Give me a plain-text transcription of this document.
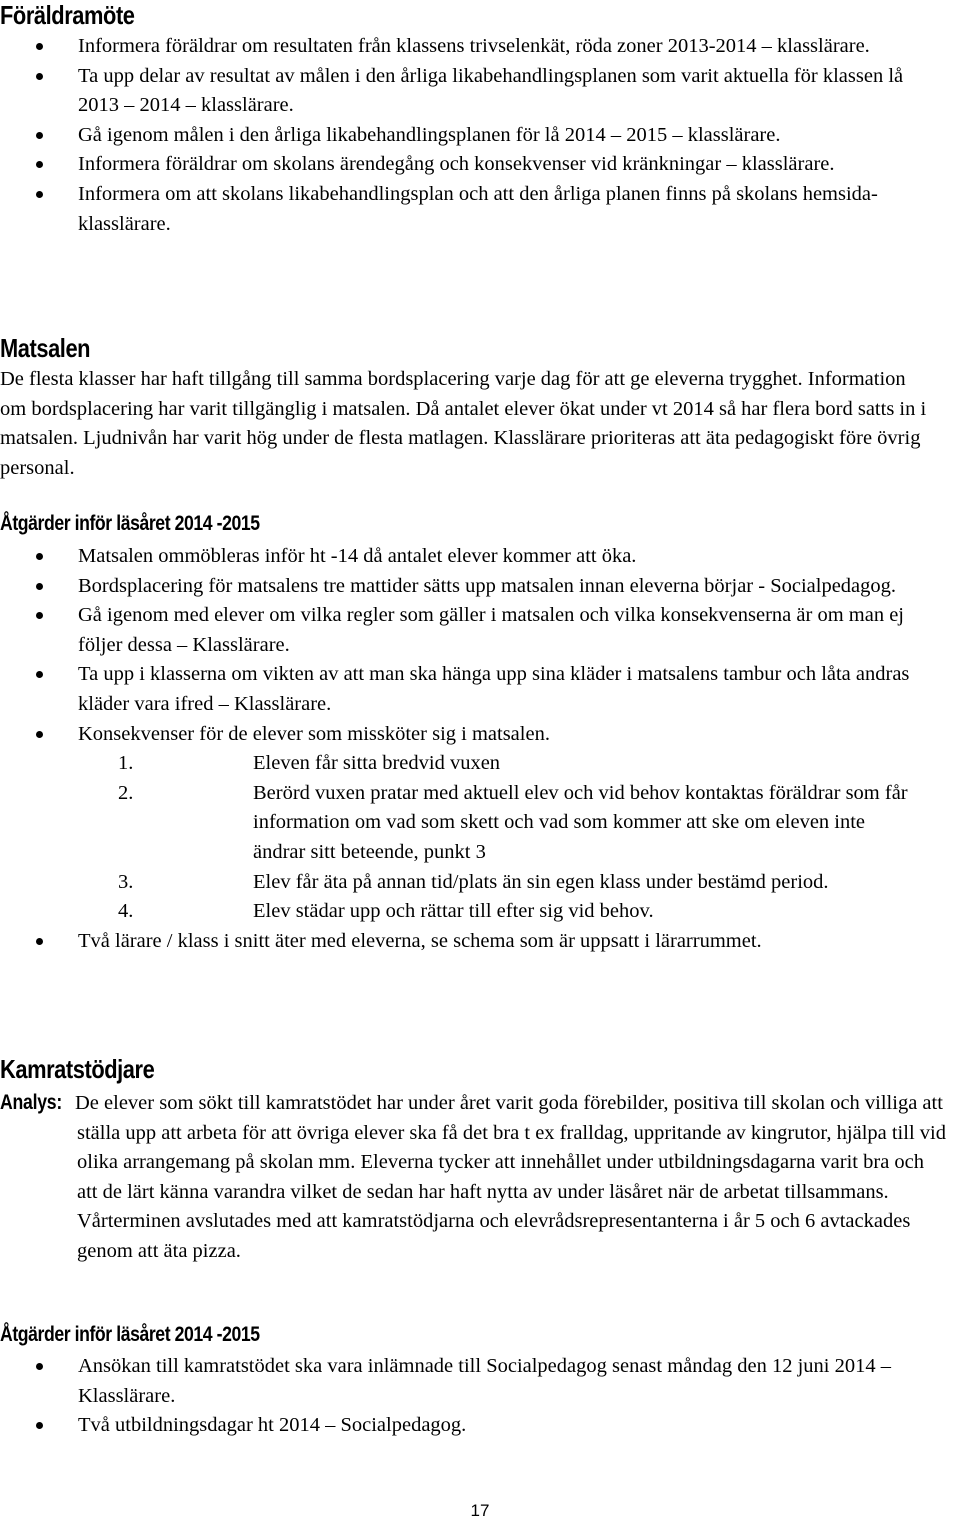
Föräldramöte
Informera föräldrar om resultaten från klassens trivselenkät, röda zoner 2013-2014 – klasslärare.
Ta upp delar av resultat av målen i den årliga likabehandlingsplanen som varit aktuella för klassen lå 2013 – 2014 – klasslärare.
Gå igenom målen i den årliga likabehandlingsplanen för lå 2014 – 2015 – klasslärare.
Informera föräldrar om skolans ärendegång och konsekvenser vid kränkningar – klasslärare.
Informera om att skolans likabehandlingsplan och att den årliga planen finns på skolans hemsida- klasslärare.
Matsalen

De flesta klasser har haft tillgång till samma bordsplacering varje dag för att ge eleverna trygghet. Information om bordsplacering har varit tillgänglig i matsalen. Då antalet elever ökat under vt 2014 så har flera bord satts in i matsalen. Ljudnivån har varit hög under de flesta matlagen. Klasslärare prioriteras att äta pedagogiskt före övrig personal.

Åtgärder inför läsåret 2014 -2015
Matsalen ommöbleras inför ht -14 då antalet elever kommer att öka.
Bordsplacering för matsalens tre mattider sätts upp matsalen innan eleverna börjar - Socialpedagog.
Gå igenom med elever om vilka regler som gäller i matsalen och vilka konsekvenserna är om man ej följer dessa – Klasslärare.
Ta upp i klasserna om vikten av att man ska hänga upp sina kläder i matsalens tambur och låta andras kläder vara ifred – Klasslärare.
Konsekvenser för de elever som missköter sig i matsalen.
1.	Eleven får sitta bredvid vuxen
2.	Berörd vuxen pratar med aktuell elev och vid behov kontaktas föräldrar som får information om vad som skett och vad som kommer att ske om eleven inte ändrar sitt beteende, punkt 3
3.	Elev får äta på annan tid/plats än sin egen klass under bestämd period.
4.	Elev städar upp och rättar till efter sig vid behov.
Två lärare / klass i snitt äter med eleverna, se schema som är uppsatt i lärarrummet.
Kamratstödjare

Analys: De elever som sökt till kamratstödet har under året varit goda förebilder, positiva till skolan och villiga att ställa upp att arbeta för att övriga elever ska få det bra t ex fralldag, uppritande av kingrutor, hjälpa till vid olika arrangemang på skolan mm. Eleverna tycker att innehållet under utbildningsdagarna varit bra och att de lärt känna varandra vilket de sedan har haft nytta av under läsåret när de arbetat tillsammans. Vårterminen avslutades med att kamratstödjarna och elevrådsrepresentanterna i år 5 och 6 avtackades genom att äta pizza.

Åtgärder inför läsåret 2014 -2015
Ansökan till kamratstödet ska vara inlämnade till Socialpedagog senast måndag den 12 juni 2014 – Klasslärare.
Två utbildningsdagar ht 2014 – Socialpedagog.
17
